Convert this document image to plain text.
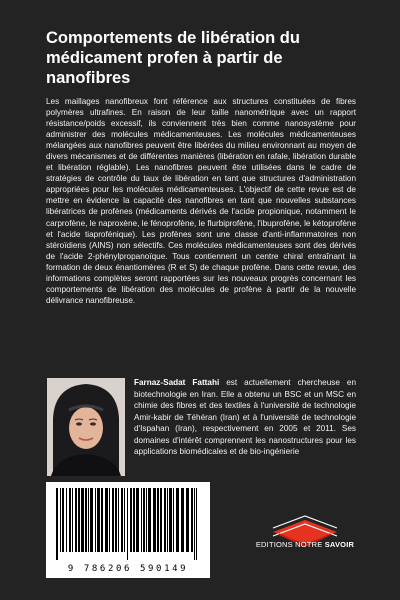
Comportements de libération du médicament profen à partir de nanofibres

Les maillages nanofibreux font référence aux structures constituées de fibres polymères ultrafines. En raison de leur taille nanométrique avec un rapport résistance/poids excessif, ils conviennent très bien comme nanosystème pour administrer des molécules médicamenteuses. Les molécules médicamenteuses mélangées aux nanofibres peuvent être libérées du milieu environnant au moyen de divers mécanismes et de différentes manières (libération en rafale, libération durable et libération réglable). Les nanofibres peuvent être utilisées dans le cadre de stratégies de contrôle du taux de libération en tant que structures d'administration appropriées pour les molécules médicamenteuses. L'objectif de cette revue est de mettre en évidence la capacité des nanofibres en tant que nouvelles substances libératrices de profènes (médicaments dérivés de l'acide propionique, notamment le carprofène, le naproxène, le fénoprofène, le flurbiprofène, l'ibuprofène, le kétoprofène et l'acide tiaprofénique). Les profènes sont une classe d'anti-inflammatoires non stéroïdiens (AINS) non sélectifs. Ces molécules médicamenteuses sont des dérivés de l'acide 2-phénylpropanoïque. Tous contiennent un centre chiral entraînant la formation de deux énantiomères (R et S) de chaque profène. Dans cette revue, des informations complètes seront rapportées sur les nouveaux progrès concernant les comportements de libération des molécules de profène à partir de la nouvelle délivrance nanofibreuse.

Farnaz-Sadat Fattahi est actuellement chercheuse en biotechnologie en Iran. Elle a obtenu un BSC et un MSC en chimie des fibres et des textiles à l'université de technologie Amir-kabir de Téhéran (Iran) et à l'université de technologie d'Ispahan (Iran), respectivement en 2005 et 2011. Ses domaines d'intérêt comprennent les nanostructures pour les applications biomédicales et de bio-ingénierie

9 786206 590149
EDITIONS NOTRE SAVOIR
